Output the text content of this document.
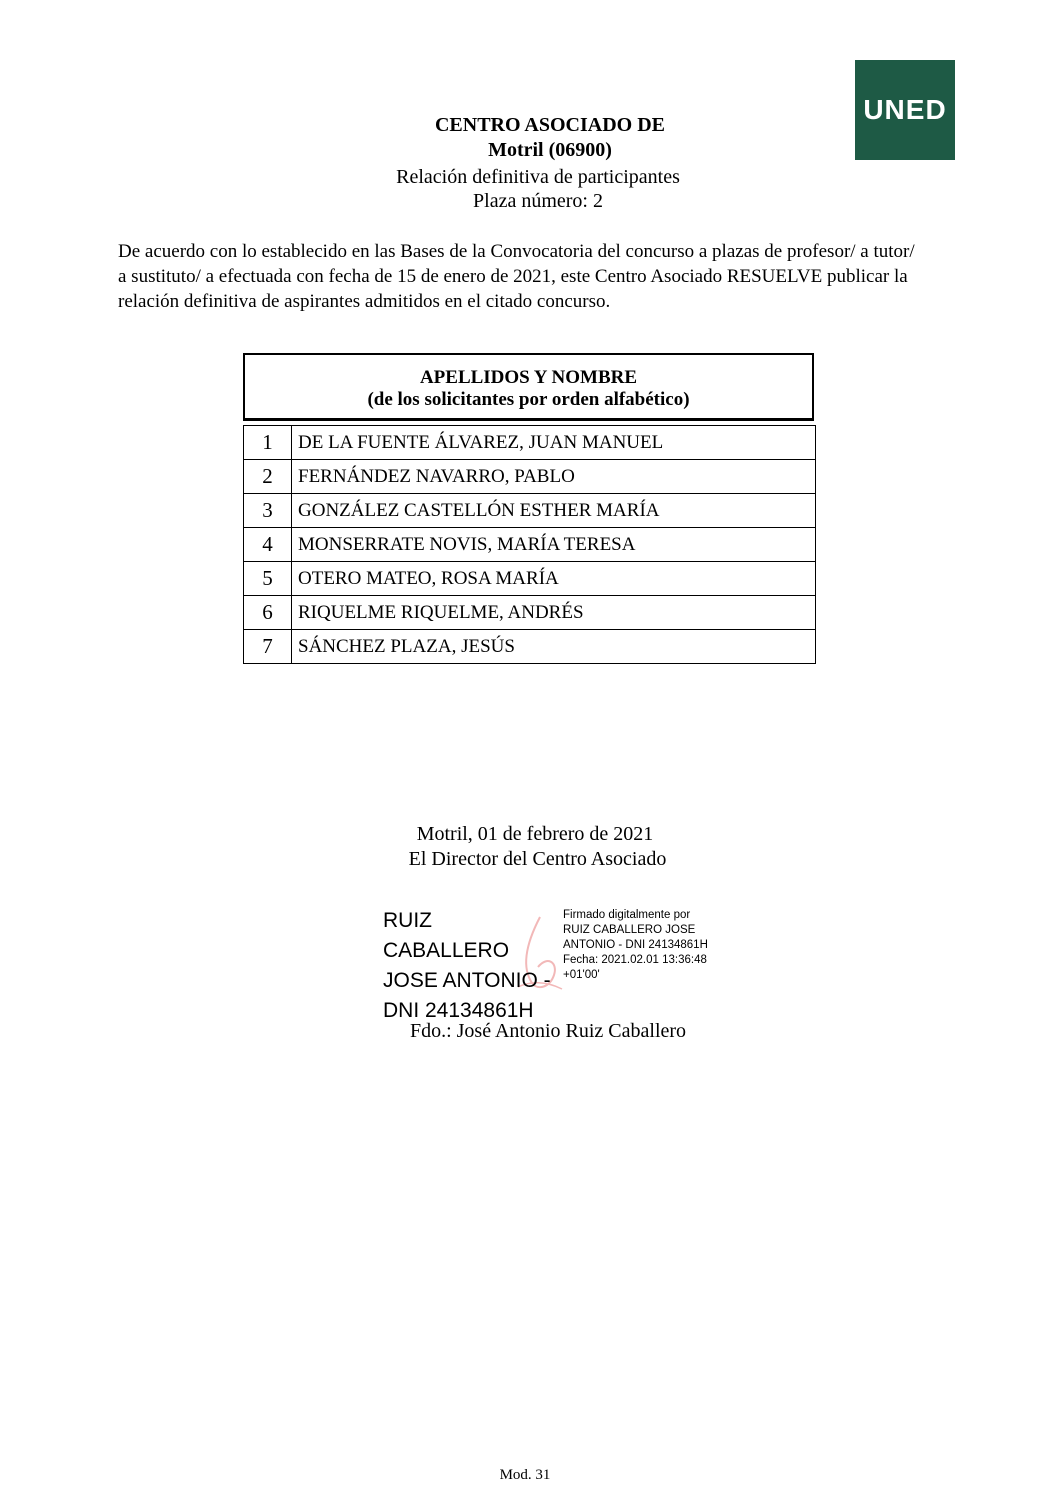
UNED
CENTRO ASOCIADO DE
Motril (06900)
Relación definitiva de participantes
Plaza número: 2
De acuerdo con lo establecido en las Bases de la Convocatoria del concurso a plazas de profesor/ a tutor/
a sustituto/ a efectuada con fecha de 15 de enero de 2021, este Centro Asociado RESUELVE publicar la
relación definitiva de aspirantes admitidos en el citado concurso.
APELLIDOS Y NOMBRE
(de los solicitantes por orden alfabético)
1	DE LA FUENTE ÁLVAREZ, JUAN MANUEL
2	FERNÁNDEZ NAVARRO, PABLO
3	GONZÁLEZ CASTELLÓN ESTHER MARÍA
4	MONSERRATE NOVIS, MARÍA TERESA
5	OTERO MATEO, ROSA MARÍA
6	RIQUELME RIQUELME, ANDRÉS
7	SÁNCHEZ PLAZA, JESÚS
Motril, 01 de febrero de 2021
El Director del Centro Asociado
RUIZ CABALLERO
JOSE ANTONIO -
DNI 24134861H
Firmado digitalmente por
RUIZ CABALLERO JOSE
ANTONIO - DNI 24134861H
Fecha: 2021.02.01 13:36:48
+01'00'
Fdo.: José Antonio Ruiz Caballero
Mod. 31
